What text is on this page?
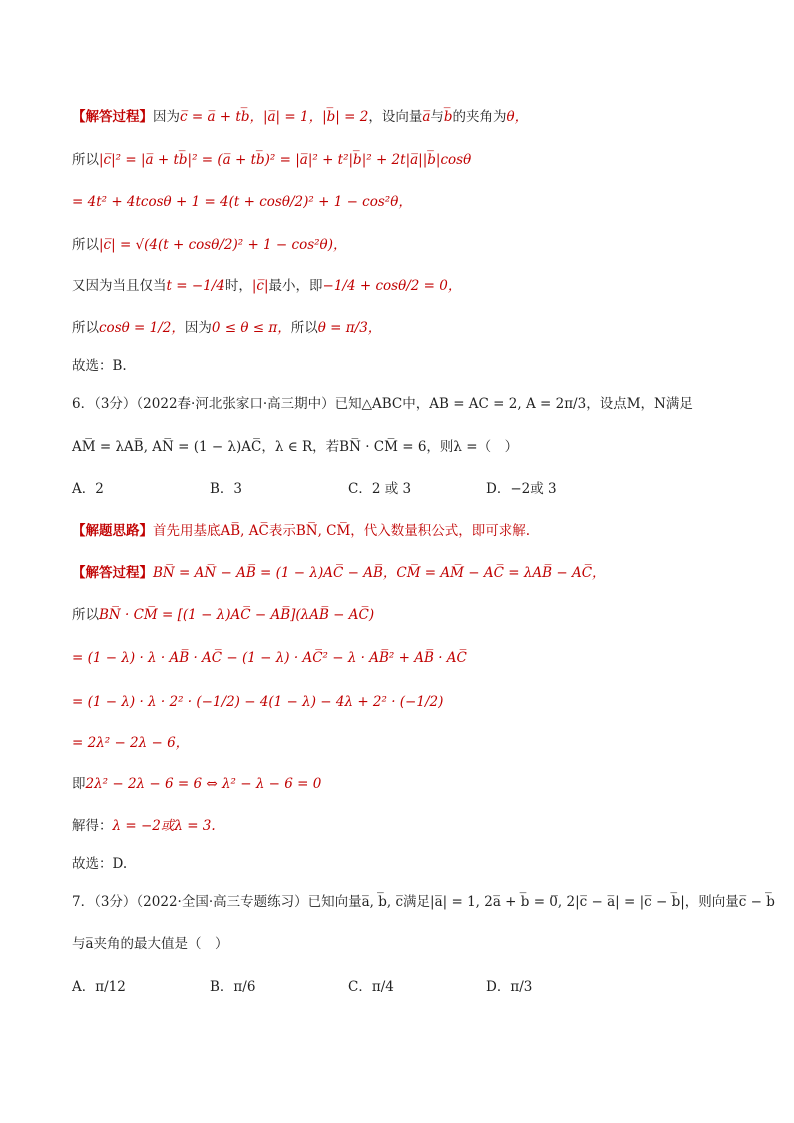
【解答过程】因为c̅ = a̅ + tb̅，|a̅| = 1，|b̅| = 2，设向量a̅与b̅的夹角为θ，
所以|c̅|² = |a̅ + tb̅|² = (a̅ + tb̅)² = |a̅|² + t²|b̅|² + 2t|a̅||b̅|cosθ
= 4t² + 4tcosθ + 1 = 4(t + cosθ/2)² + 1 − cos²θ，
所以|c̅| = √(4(t + cosθ/2)² + 1 − cos²θ)，
又因为当且仅当t = −1/4时，|c̅|最小，即−1/4 + cosθ/2 = 0，
所以cosθ = 1/2，因为0 ≤ θ ≤ π，所以θ = π/3，
故选：B.
6．（3分）（2022春·河北张家口·高三期中）已知△ABC中，AB = AC = 2, A = 2π/3，设点M，N满足
AM̅ = λAB̅, AN̅ = (1 − λ)AC̅，λ ∈ R，若BN̅ · CM̅ = 6，则λ =（　）
A．2	B．3	C．2 或 3	D．−2或 3
【解题思路】首先用基底AB̅, AC̅表示BN̅, CM̅，代入数量积公式，即可求解.
【解答过程】BN̅ = AN̅ − AB̅ = (1 − λ)AC̅ − AB̅，CM̅ = AM̅ − AC̅ = λAB̅ − AC̅，
所以BN̅ · CM̅ = [(1 − λ)AC̅ − AB̅](λAB̅ − AC̅)
= (1 − λ) · λ · AB̅ · AC̅ − (1 − λ) · AC̅² − λ · AB̅² + AB̅ · AC̅
= (1 − λ) · λ · 2² · (−1/2) − 4(1 − λ) − 4λ + 2² · (−1/2)
= 2λ² − 2λ − 6，
即2λ² − 2λ − 6 = 6 ⇔ λ² − λ − 6 = 0
解得：λ = −2或λ = 3.
故选：D.
7．（3分）（2022·全国·高三专题练习）已知向量a̅, b̅, c̅满足|a̅| = 1, 2a̅ + b̅ = 0̅, 2|c̅ − a̅| = |c̅ − b̅|，则向量c̅ − b̅
与a̅夹角的最大值是（　）
A．π/12	B．π/6	C．π/4	D．π/3
